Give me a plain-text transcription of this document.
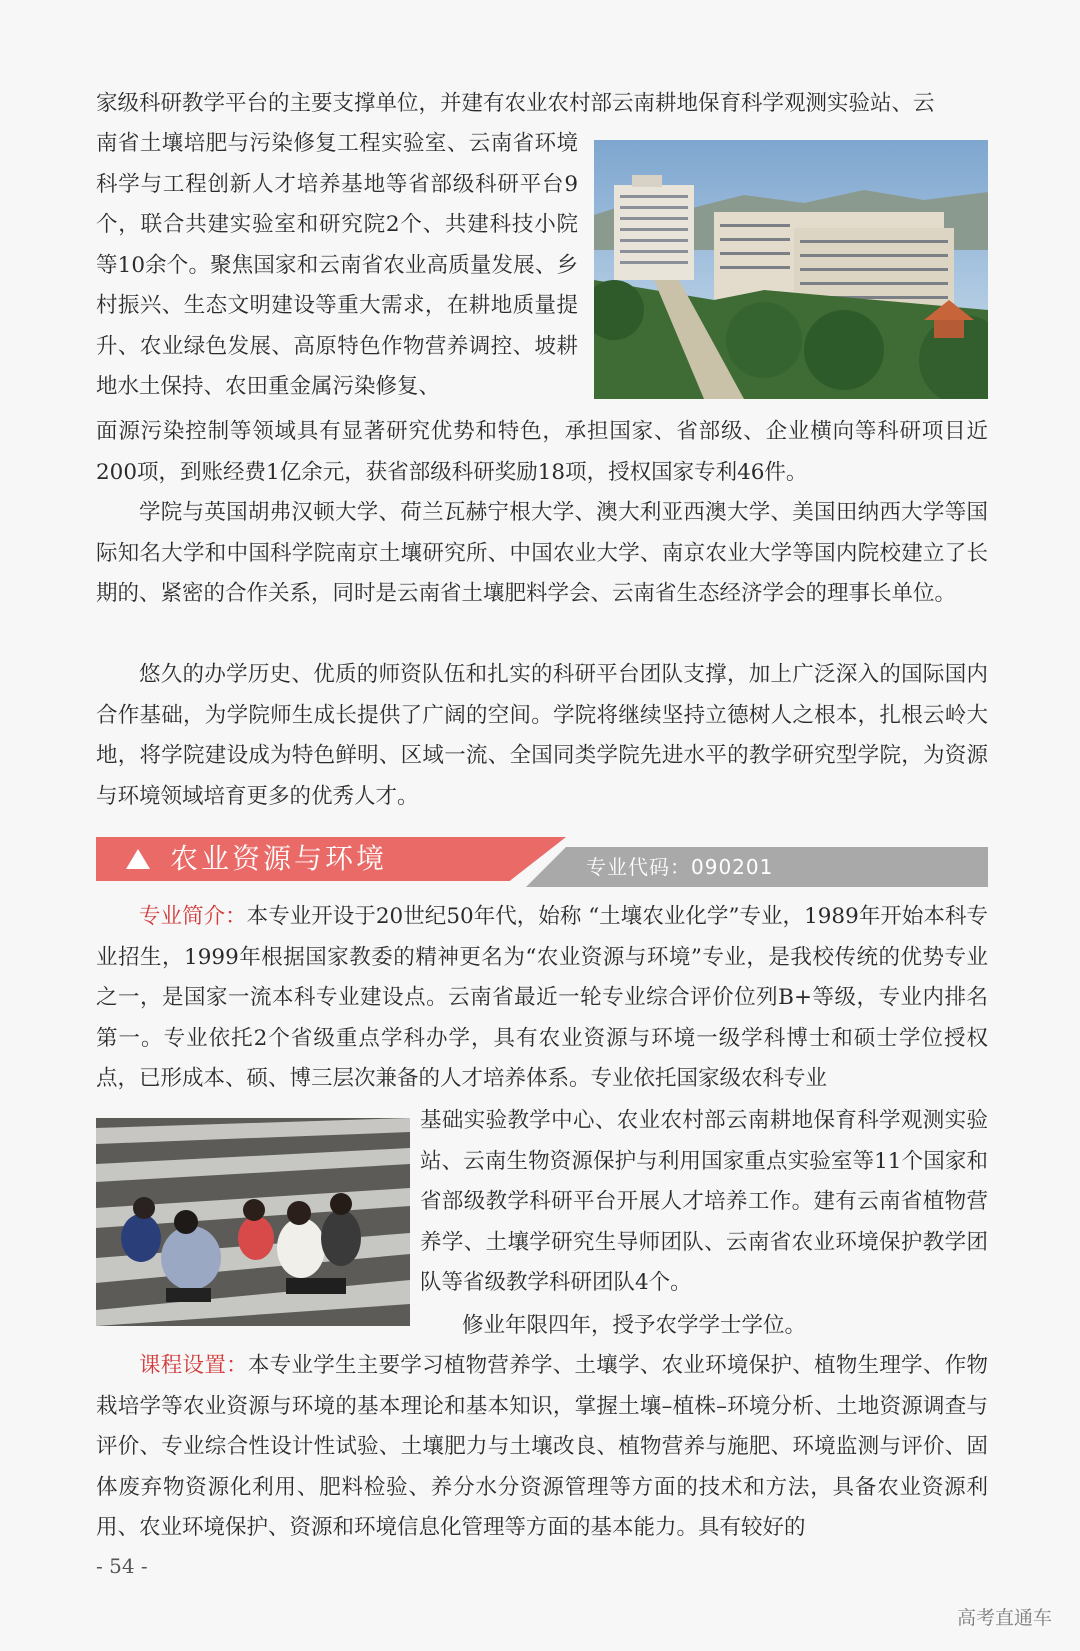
家级科研教学平台的主要支撑单位，并建有农业农村部云南耕地保育科学观测实验站、云

南省土壤培肥与污染修复工程实验室、云南省环境科学与工程创新人才培养基地等省部级科研平台9个，联合共建实验室和研究院2个、共建科技小院等10余个。聚焦国家和云南省农业高质量发展、乡村振兴、生态文明建设等重大需求，在耕地质量提升、农业绿色发展、高原特色作物营养调控、坡耕地水土保持、农田重金属污染修复、

面源污染控制等领域具有显著研究优势和特色，承担国家、省部级、企业横向等科研项目近200项，到账经费1亿余元，获省部级科研奖励18项，授权国家专利46件。

学院与英国胡弗汉顿大学、荷兰瓦赫宁根大学、澳大利亚西澳大学、美国田纳西大学等国际知名大学和中国科学院南京土壤研究所、中国农业大学、南京农业大学等国内院校建立了长期的、紧密的合作关系，同时是云南省土壤肥料学会、云南省生态经济学会的理事长单位。

悠久的办学历史、优质的师资队伍和扎实的科研平台团队支撑，加上广泛深入的国际国内合作基础，为学院师生成长提供了广阔的空间。学院将继续坚持立德树人之根本，扎根云岭大地，将学院建设成为特色鲜明、区域一流、全国同类学院先进水平的教学研究型学院，为资源与环境领域培育更多的优秀人才。

专业代码：090201
农业资源与环境

专业简介：本专业开设于20世纪50年代，始称 “土壤农业化学”专业，1989年开始本科专业招生，1999年根据国家教委的精神更名为“农业资源与环境”专业，是我校传统的优势专业之一，是国家一流本科专业建设点。云南省最近一轮专业综合评价位列B+等级，专业内排名第一。专业依托2个省级重点学科办学，具有农业资源与环境一级学科博士和硕士学位授权点，已形成本、硕、博三层次兼备的人才培养体系。专业依托国家级农科专业

基础实验教学中心、农业农村部云南耕地保育科学观测实验站、云南生物资源保护与利用国家重点实验室等11个国家和省部级教学科研平台开展人才培养工作。建有云南省植物营养学、土壤学研究生导师团队、云南省农业环境保护教学团队等省级教学科研团队4个。

修业年限四年，授予农学学士学位。

课程设置：本专业学生主要学习植物营养学、土壤学、农业环境保护、植物生理学、作物栽培学等农业资源与环境的基本理论和基本知识，掌握土壤–植株–环境分析、土地资源调查与评价、专业综合性设计性试验、土壤肥力与土壤改良、植物营养与施肥、环境监测与评价、固体废弃物资源化利用、肥料检验、养分水分资源管理等方面的技术和方法，具备农业资源利用、农业环境保护、资源和环境信息化管理等方面的基本能力。具有较好的

- 54 -
高考直通车
